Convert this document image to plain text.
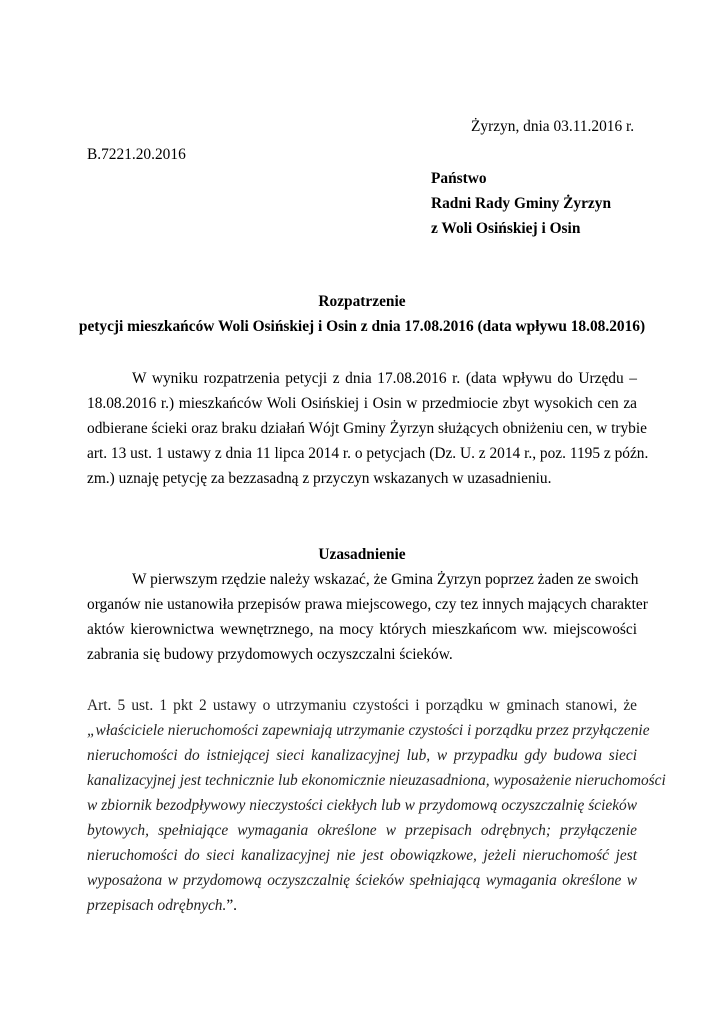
Żyrzyn, dnia 03.11.2016 r.
B.7221.20.2016
Państwo
Radni Rady Gminy Żyrzyn
z Woli Osińskiej i Osin
Rozpatrzenie
petycji mieszkańców Woli Osińskiej i Osin z dnia 17.08.2016 (data wpływu 18.08.2016)
W wyniku rozpatrzenia petycji z dnia 17.08.2016 r. (data wpływu do Urzędu –
18.08.2016 r.) mieszkańców Woli Osińskiej i Osin w przedmiocie zbyt wysokich cen za
odbierane ścieki oraz braku działań Wójt Gminy Żyrzyn służących obniżeniu cen, w trybie
art. 13 ust. 1 ustawy z dnia 11 lipca 2014 r. o petycjach (Dz. U. z 2014 r., poz. 1195 z późn.
zm.) uznaję petycję za bezzasadną z przyczyn wskazanych w uzasadnieniu.
Uzasadnienie
W pierwszym rzędzie należy wskazać, że Gmina Żyrzyn poprzez żaden ze swoich
organów nie ustanowiła przepisów prawa miejscowego, czy tez innych mających charakter
aktów kierownictwa wewnętrznego, na mocy których mieszkańcom ww. miejscowości
zabrania się budowy przydomowych oczyszczalni ścieków.
Art. 5 ust. 1 pkt 2 ustawy o utrzymaniu czystości i porządku w gminach stanowi, że
„właściciele nieruchomości zapewniają utrzymanie czystości i porządku przez przyłączenie
nieruchomości do istniejącej sieci kanalizacyjnej lub, w przypadku gdy budowa sieci
kanalizacyjnej jest technicznie lub ekonomicznie nieuzasadniona, wyposażenie nieruchomości
w zbiornik bezodpływowy nieczystości ciekłych lub w przydomową oczyszczalnię ścieków
bytowych, spełniające wymagania określone w przepisach odrębnych; przyłączenie
nieruchomości do sieci kanalizacyjnej nie jest obowiązkowe, jeżeli nieruchomość jest
wyposażona w przydomową oczyszczalnię ścieków spełniającą wymagania określone w
przepisach odrębnych.”.
